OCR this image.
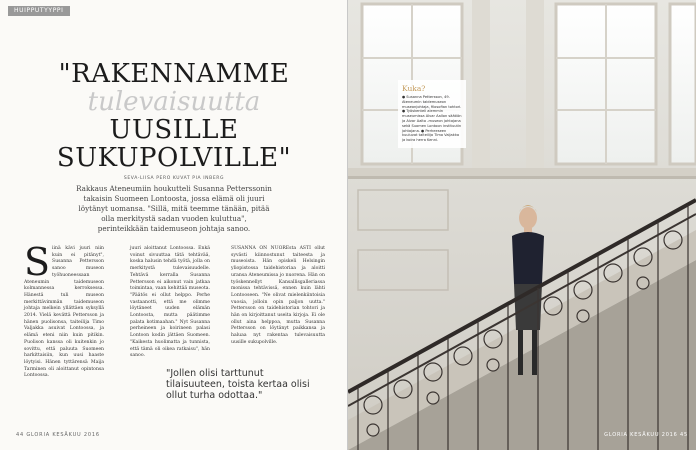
HUIPPUTYYPPI
"RAKENNAMME
tulevaisuutta
UUSILLE
SUKUPOLVILLE"
SEVA-LIISA PERO KUVAT PIA INBERG
Rakkaus Ateneumiin houkutteli Susanna Petterssonin takaisin Suomeen Lontoosta, jossa elämä oli juuri löytänyt uomansa. "Sillä, mitä teemme tänään, pitää olla merkitystä sadan vuoden kuluttua", perinteikkään taidemuseon johtaja sanoo.
S iinä kävi juuri niin kuin ei pitänyt", Susanna Pettersson sanoo museon työhuoneessaan Ateneumin taidemuseon kolmannessa kerroksessa. Hänestä tuli museon merkittävimmän taidemuseon johtaja melkein yllättäen syksyllä 2014. Vielä kevättä Pettersson ja hänen puolisonsa, taiteilija Timo Valjakka asuivat Lontoossa, ja elämä eteni niin kuin pitikin. Puolison kanssa oli kuitenkin jo sovittu, että paluuta Suomeen harkittaisiin, kun uusi haaste löytyisi. Hänen tyttärensä Maija Tarminen oli aloittanut opintonsa Lontoossa.

juuri aloittanut Lontoossa. Enkä voinut sivuuttaa tätä tehtävää, koska halusin tehdä työtä, jolla on merkitystä tulevaisuudelle. Tehtävä kerralla Susanna Pettersson ei aikonut vain jatkaa toimintaa, vaan kehittää museota. "Päätös ei ollut helppo. Perhe vastaanotti, että me olimme löytäneet uuden elämän Lontoosta, mutta päätimme palata kotimaahan." Nyt Susanna perheineen ja koirineen palasi Lontoon kodin jättäen Suomeen. "Kaikesta huolimatta ja tunnista, että tämä oli oikea ratkaisu", hän sanoo.

SUSANNA ON NUOREsta ASTI ollut syvästi kiinnostunut taiteesta ja museoista. Hän opiskeli Helsingin yliopistossa taidehistoriaa ja aloitti uransa Ateneumissa jo nuorena. Hän on työskennellyt Kansallisgalleriassa monissa tehtävissä, ennen kuin lähti Lontooseen. "Ne olivat mielenkiintoisia vuosia, jolloin opin paljon uutta." Pettersson on taidehistorian tohtori ja hän on kirjoittanut useita kirjoja. Ei ole ollut aina helppoa, mutta Susanna Pettersson on löytänyt paikkansa ja haluaa nyt rakentaa tulevaisuutta uusille sukupolville.

"Jollen olisi tarttunut tilaisuuteen, toista kertaa olisi ollut turha odottaa."
44 GLORIA KESÄKUU 2016
Kuka?
● Susanna Pettersson, 49. Ateneumin taidemuseon museonjohtaja, filosofian tohtori. ● Työskenteli aiemmin museumissa Alvar Aallon säätiön ja Alvar Aalto -museon johtajana sekä Suomen Lontoon instituutin johtajana. ● Perheeseen kuuluvat taiteilija Timo Valjakka ja koira herra Kenni.
GLORIA KESÄKUU 2016 45
